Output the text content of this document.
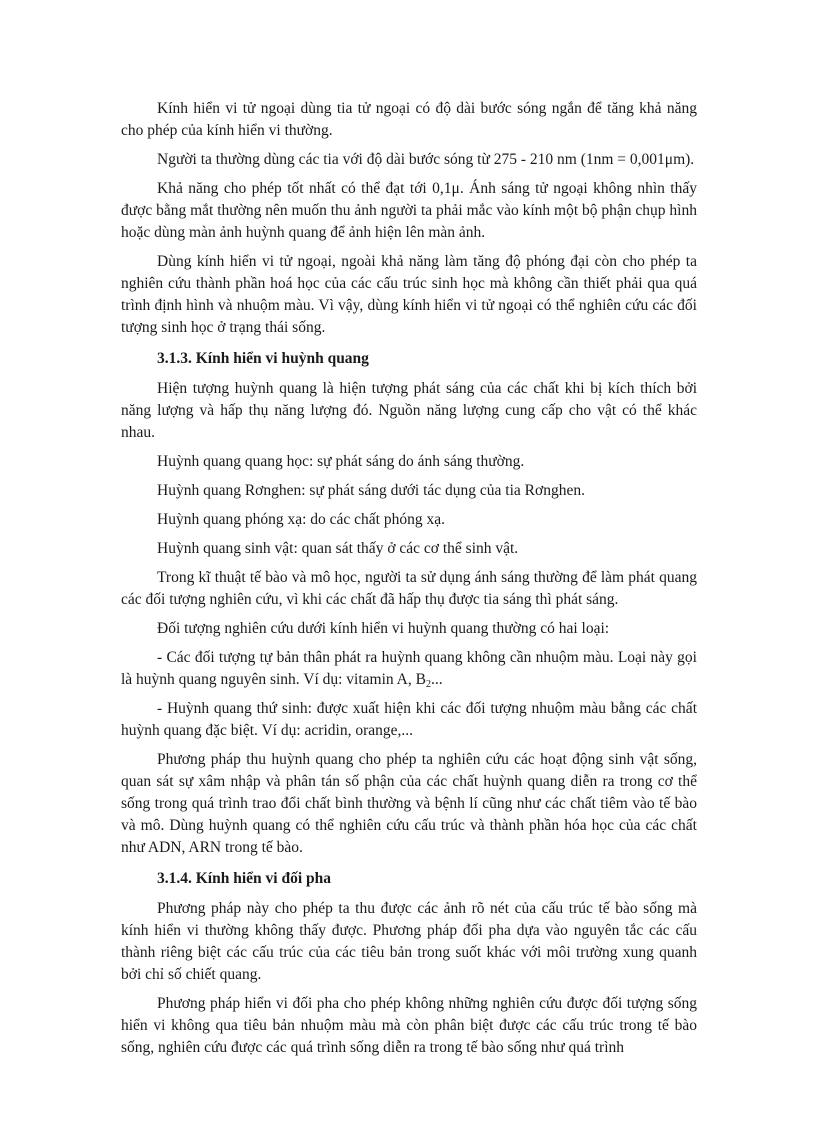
Kính hiển vi tử ngoại dùng tia tử ngoại có độ dài bước sóng ngắn để tăng khả năng cho phép của kính hiển vi thường.

Người ta thường dùng các tia với độ dài bước sóng từ 275 - 210 nm (1nm = 0,001μm).

Khả năng cho phép tốt nhất có thể đạt tới 0,1μ. Ánh sáng tử ngoại không nhìn thấy được bằng mắt thường nên muốn thu ảnh người ta phải mắc vào kính một bộ phận chụp hình hoặc dùng màn ảnh huỳnh quang để ảnh hiện lên màn ảnh.

Dùng kính hiển vi tử ngoại, ngoài khả năng làm tăng độ phóng đại còn cho phép ta nghiên cứu thành phần hoá học của các cấu trúc sinh học mà không cần thiết phải qua quá trình định hình và nhuộm màu. Vì vậy, dùng kính hiển vi tử ngoại có thể nghiên cứu các đối tượng sinh học ở trạng thái sống.

3.1.3. Kính hiển vi huỳnh quang

Hiện tượng huỳnh quang là hiện tượng phát sáng của các chất khi bị kích thích bởi năng lượng và hấp thụ năng lượng đó. Nguồn năng lượng cung cấp cho vật có thể khác nhau.

Huỳnh quang quang học: sự phát sáng do ánh sáng thường.

Huỳnh quang Rơnghen: sự phát sáng dưới tác dụng của tia Rơnghen.

Huỳnh quang phóng xạ: do các chất phóng xạ.

Huỳnh quang sinh vật: quan sát thấy ở các cơ thể sinh vật.

Trong kĩ thuật tế bào và mô học, người ta sử dụng ánh sáng thường để làm phát quang các đối tượng nghiên cứu, vì khi các chất đã hấp thụ được tia sáng thì phát sáng.

Đối tượng nghiên cứu dưới kính hiển vi huỳnh quang thường có hai loại:

- Các đối tượng tự bản thân phát ra huỳnh quang không cần nhuộm màu. Loại này gọi là huỳnh quang nguyên sinh. Ví dụ: vitamin A, $B_2$...

- Huỳnh quang thứ sinh: được xuất hiện khi các đối tượng nhuộm màu bằng các chất huỳnh quang đặc biệt. Ví dụ: acridin, orange,...

Phương pháp thu huỳnh quang cho phép ta nghiên cứu các hoạt động sinh vật sống, quan sát sự xâm nhập và phân tán số phận của các chất huỳnh quang diễn ra trong cơ thể sống trong quá trình trao đổi chất bình thường và bệnh lí cũng như các chất tiêm vào tế bào và mô. Dùng huỳnh quang có thể nghiên cứu cấu trúc và thành phần hóa học của các chất như ADN, ARN trong tế bào.

3.1.4. Kính hiển vi đối pha

Phương pháp này cho phép ta thu được các ảnh rõ nét của cấu trúc tế bào sống mà kính hiển vi thường không thấy được. Phương pháp đối pha dựa vào nguyên tắc các cấu thành riêng biệt các cấu trúc của các tiêu bản trong suốt khác với môi trường xung quanh bởi chỉ số chiết quang.

Phương pháp hiển vi đối pha cho phép không những nghiên cứu được đối tượng sống hiển vi không qua tiêu bản nhuộm màu mà còn phân biệt được các cấu trúc trong tế bào sống, nghiên cứu được các quá trình sống diễn ra trong tế bào sống như quá trình
